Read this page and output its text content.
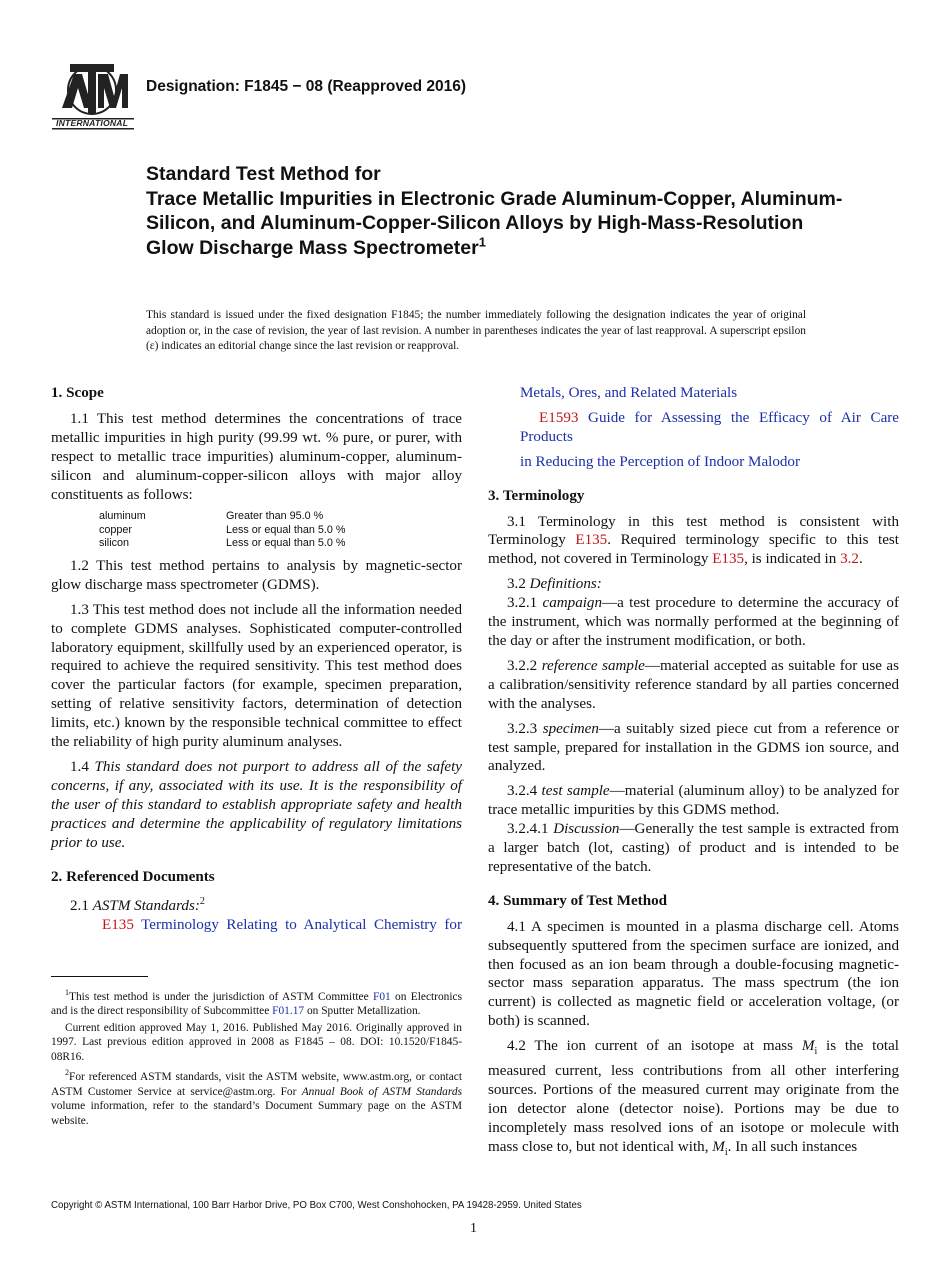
INTERNATIONAL
Designation: F1845 − 08 (Reapproved 2016)
Standard Test Method for
Trace Metallic Impurities in Electronic Grade Aluminum-Copper, Aluminum-Silicon, and Aluminum-Copper-Silicon Alloys by High-Mass-Resolution Glow Discharge Mass Spectrometer$^1$
This standard is issued under the fixed designation F1845; the number immediately following the designation indicates the year of original adoption or, in the case of revision, the year of last revision. A number in parentheses indicates the year of last reapproval. A superscript epsilon (ε) indicates an editorial change since the last revision or reapproval.
1. Scope

1.1 This test method determines the concentrations of trace metallic impurities in high purity (99.99 wt. % pure, or purer, with respect to metallic trace impurities) aluminum-copper, aluminum-silicon and aluminum-copper-silicon alloys with major alloy constituents as follows:

aluminum	Greater than 95.0 %
copper	Less or equal than 5.0 %
silicon	Less or equal than 5.0 %

1.2 This test method pertains to analysis by magnetic-sector glow discharge mass spectrometer (GDMS).

1.3 This test method does not include all the information needed to complete GDMS analyses. Sophisticated computer-controlled laboratory equipment, skillfully used by an experienced operator, is required to achieve the required sensitivity. This test method does cover the particular factors (for example, specimen preparation, setting of relative sensitivity factors, determination of detection limits, etc.) known by the responsible technical committee to effect the reliability of high purity aluminum analyses.

1.4 This standard does not purport to address all of the safety concerns, if any, associated with its use. It is the responsibility of the user of this standard to establish appropriate safety and health practices and determine the applicability of regulatory limitations prior to use.

2. Referenced Documents

2.1 ASTM Standards:$^2$

E135 Terminology Relating to Analytical Chemistry for

$^1$This test method is under the jurisdiction of ASTM Committee F01 on Electronics and is the direct responsibility of Subcommittee F01.17 on Sputter Metallization.

Current edition approved May 1, 2016. Published May 2016. Originally approved in 1997. Last previous edition approved in 2008 as F1845 – 08. DOI: 10.1520/F1845-08R16.

$^2$For referenced ASTM standards, visit the ASTM website, www.astm.org, or contact ASTM Customer Service at service@astm.org. For Annual Book of ASTM Standards volume information, refer to the standard’s Document Summary page on the ASTM website.

Metals, Ores, and Related Materials

E1593 Guide for Assessing the Efficacy of Air Care Products

in Reducing the Perception of Indoor Malodor

3. Terminology

3.1 Terminology in this test method is consistent with Terminology E135. Required terminology specific to this test method, not covered in Terminology E135, is indicated in 3.2.

3.2 Definitions:

3.2.1 campaign—a test procedure to determine the accuracy of the instrument, which was normally performed at the beginning of the day or after the instrument modification, or both.

3.2.2 reference sample—material accepted as suitable for use as a calibration/sensitivity reference standard by all parties concerned with the analyses.

3.2.3 specimen—a suitably sized piece cut from a reference or test sample, prepared for installation in the GDMS ion source, and analyzed.

3.2.4 test sample—material (aluminum alloy) to be analyzed for trace metallic impurities by this GDMS method.

3.2.4.1 Discussion—Generally the test sample is extracted from a larger batch (lot, casting) of product and is intended to be representative of the batch.

4. Summary of Test Method

4.1 A specimen is mounted in a plasma discharge cell. Atoms subsequently sputtered from the specimen surface are ionized, and then focused as an ion beam through a double-focusing magnetic-sector mass separation apparatus. The mass spectrum (the ion current) is collected as magnetic field or acceleration voltage, (or both) is scanned.

4.2 The ion current of an isotope at mass $M_i$ is the total measured current, less contributions from all other interfering sources. Portions of the measured current may originate from the ion detector alone (detector noise). Portions may be due to incompletely mass resolved ions of an isotope or molecule with mass close to, but not identical with, $M_i$. In all such instances

Copyright © ASTM International, 100 Barr Harbor Drive, PO Box C700, West Conshohocken, PA 19428-2959. United States
1
